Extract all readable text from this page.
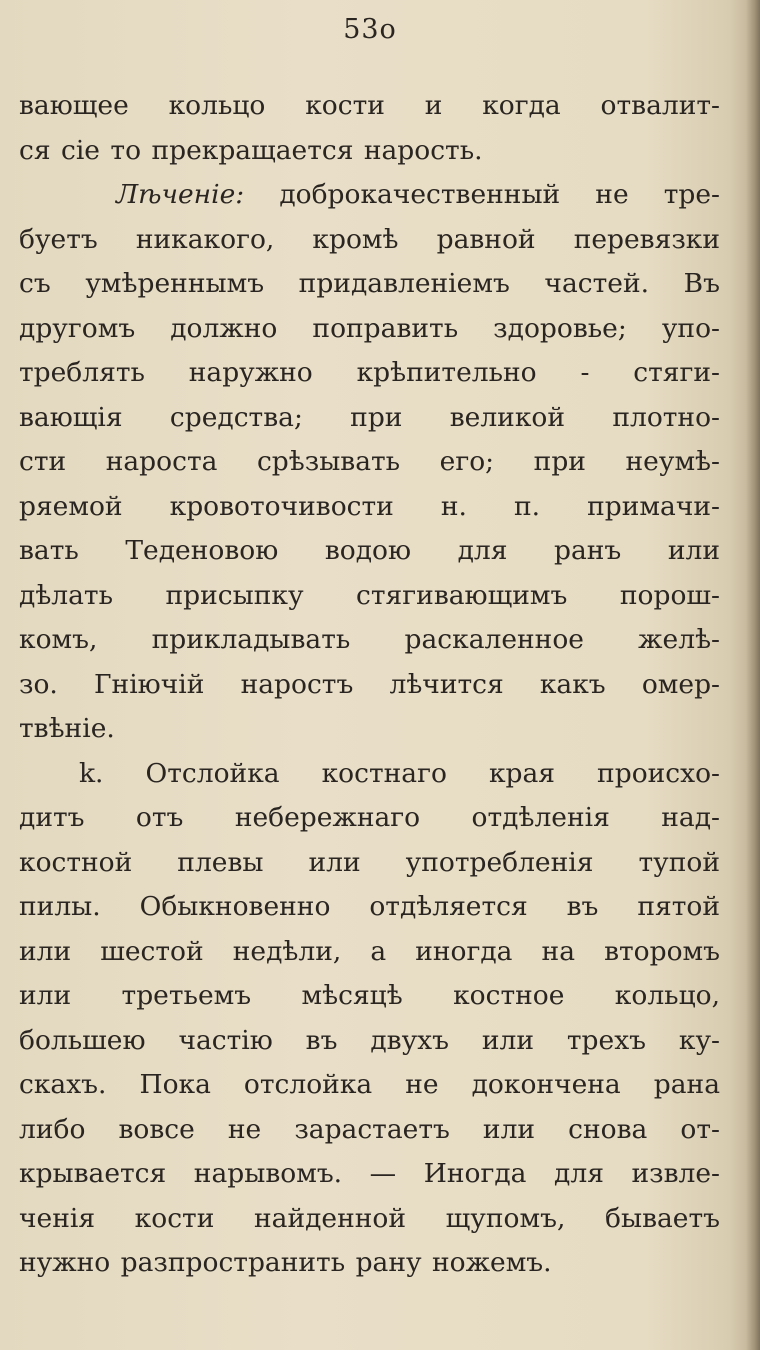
53o
вающее кольцо кости и когда отвалит-
ся сіе то прекращается нарость.
Лѣченіе: доброкачественный не тре-
буетъ никакого, кромѣ равной перевязки
съ умѣреннымъ придавленіемъ частей. Въ
другомъ должно поправить здоровье; упо-
треблять наружно крѣпительно - стяги-
вающія средства; при великой плотно-
сти нароста срѣзывать его; при неумѣ-
ряемой кровоточивости н. п. примачи-
вать Теденовою водою для ранъ или
дѣлать присыпку стягивающимъ порош-
комъ, прикладывать раскаленное желѣ-
зо. Гніючій наростъ лѣчится какъ омер-
твѣніе.
k. Отслойка костнаго края происхо-
дитъ отъ небережнаго отдѣленія над-
костной плевы или употребленія тупой
пилы. Обыкновенно отдѣляется въ пятой
или шестой недѣли, а иногда на второмъ
или третьемъ мѣсяцѣ костное кольцо,
большею частію въ двухъ или трехъ ку-
скахъ. Пока отслойка не докончена рана
либо вовсе не зарастаетъ или снова от-
крывается нарывомъ. — Иногда для извле-
ченія кости найденной щупомъ, бываетъ
нужно разпространить рану ножемъ.
